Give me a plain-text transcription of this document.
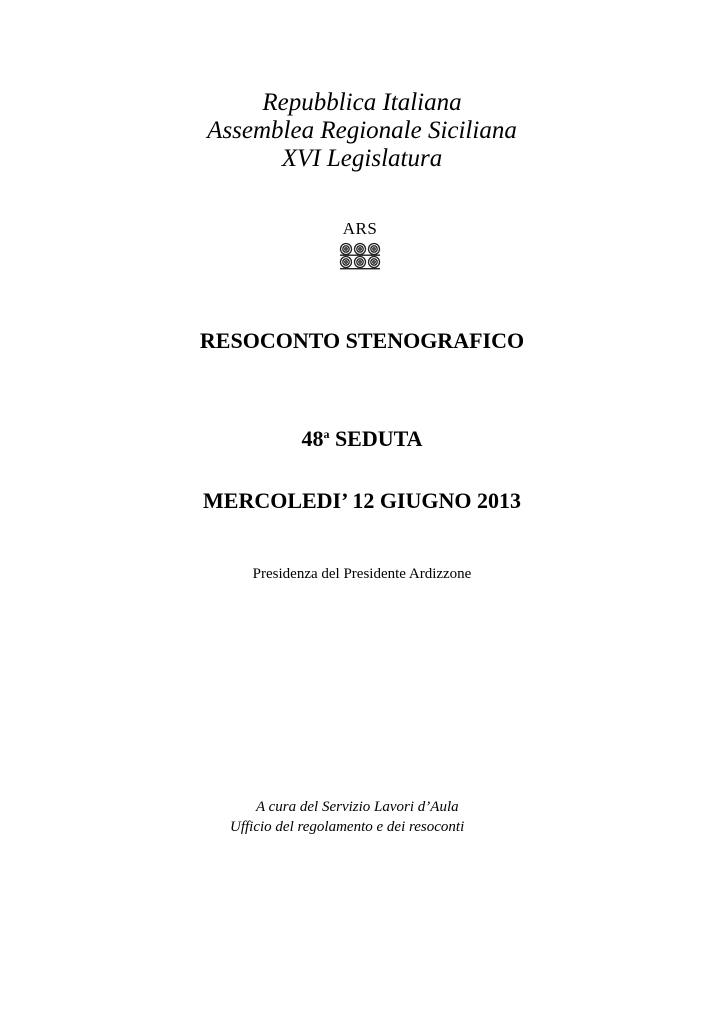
Repubblica Italiana
Assemblea Regionale Siciliana
XVI Legislatura
ARS
RESOCONTO STENOGRAFICO
48$^a$ SEDUTA
MERCOLEDI’ 12 GIUGNO 2013
Presidenza del Presidente Ardizzone
A cura del Servizio Lavori d’Aula
Ufficio del regolamento e dei resoconti
